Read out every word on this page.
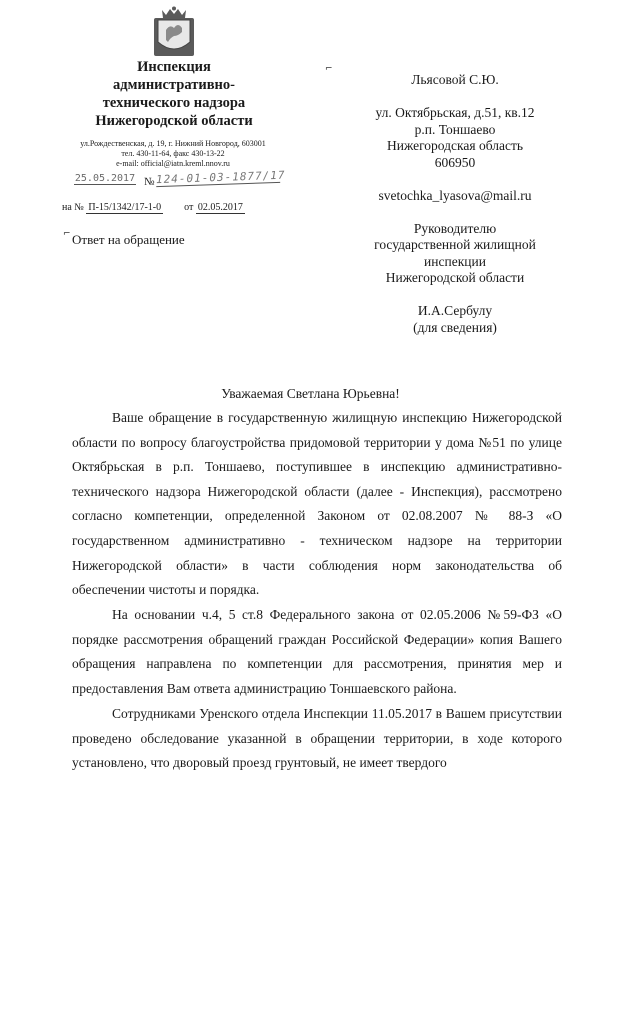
Инспекция
административно-
технического надзора
Нижегородской области
ул.Рождественская, д. 19, г. Нижний Новгород, 603001
тел. 430-11-64, факс 430-13-22
e-mail: official@iatn.kreml.nnov.ru
25.05.2017 № 124-01-03-1877/17
на № П-15/1342/17-1-0 от 02.05.2017
⌐
⌐
Ответ на обращение
Льясовой С.Ю.
ул. Октябрьская, д.51, кв.12
р.п. Тоншаево
Нижегородская область
606950
svetochka_lyasova@mail.ru
Руководителю
государственной жилищной
инспекции
Нижегородской области
И.А.Сербулу
(для сведения)
Уважаемая Светлана Юрьевна!

Ваше обращение в государственную жилищную инспекцию Нижегородской области по вопросу благоустройства придомовой территории у дома №51 по улице Октябрьская в р.п. Тоншаево, поступившее в инспекцию административно-технического надзора Нижегородской области (далее - Инспекция), рассмотрено согласно компетенции, определенной Законом от 02.08.2007 № 88-З «О государственном административно - техническом надзоре на территории Нижегородской области» в части соблюдения норм законодательства об обеспечении чистоты и порядка.

На основании ч.4, 5 ст.8 Федерального закона от 02.05.2006 №59-ФЗ «О порядке рассмотрения обращений граждан Российской Федерации» копия Вашего обращения направлена по компетенции для рассмотрения, принятия мер и предоставления Вам ответа администрацию Тоншаевского района.

Сотрудниками Уренского отдела Инспекции 11.05.2017 в Вашем присутствии проведено обследование указанной в обращении территории, в ходе которого установлено, что дворовый проезд грунтовый, не имеет твердого
